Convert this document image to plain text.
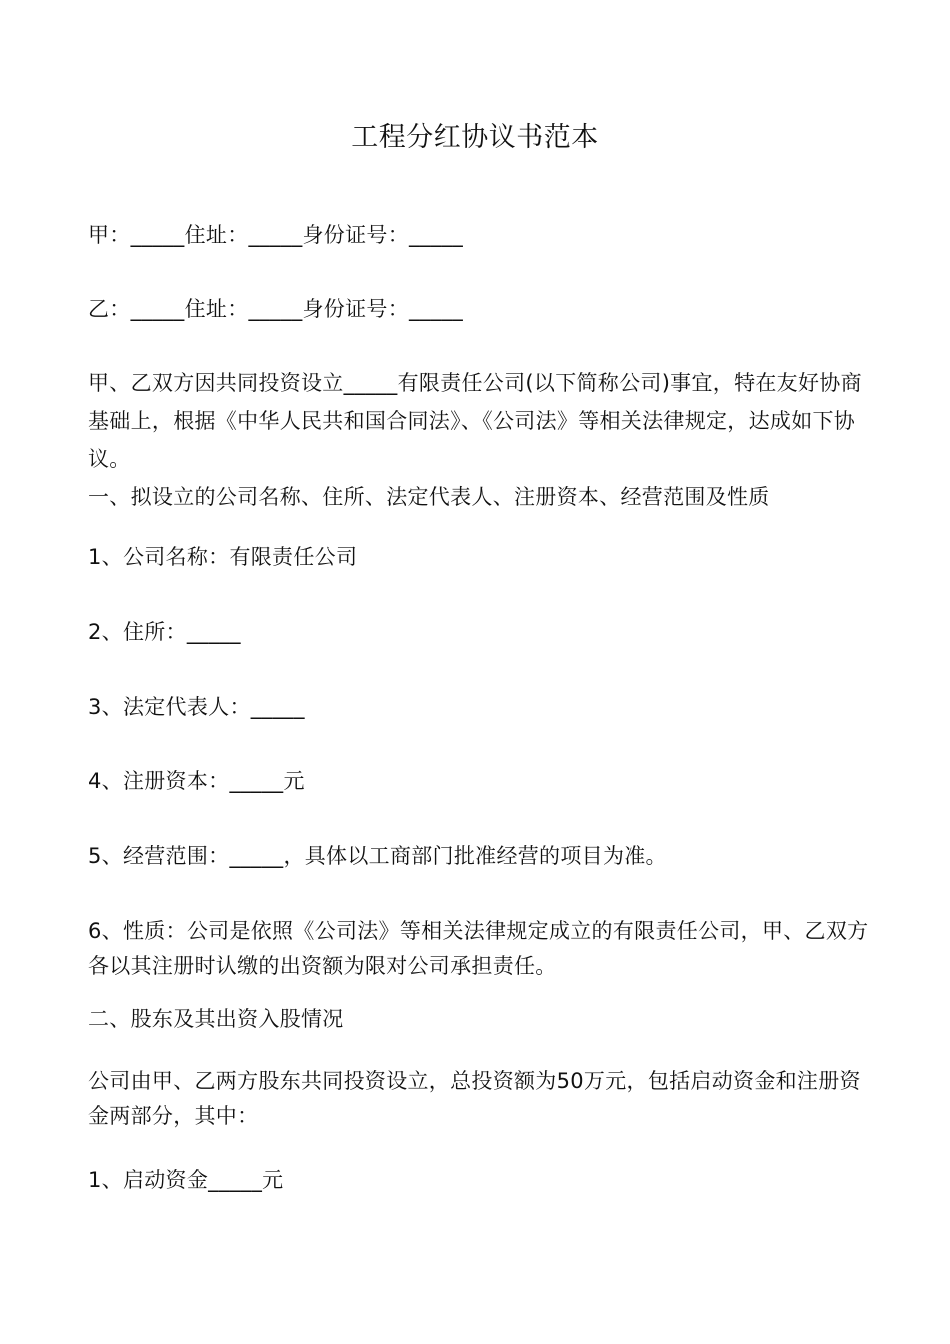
工程分红协议书范本

甲：_____住址：_____身份证号：_____

乙：_____住址：_____身份证号：_____

甲、乙双方因共同投资设立_____有限责任公司(以下简称公司)事宜，特在友好协商基础上，根据《中华人民共和国合同法》、《公司法》等相关法律规定，达成如下协议。

一、拟设立的公司名称、住所、法定代表人、注册资本、经营范围及性质

1、公司名称：有限责任公司

2、住所：_____

3、法定代表人：_____

4、注册资本：_____元

5、经营范围：_____，具体以工商部门批准经营的项目为准。

6、性质：公司是依照《公司法》等相关法律规定成立的有限责任公司，甲、乙双方各以其注册时认缴的出资额为限对公司承担责任。

二、股东及其出资入股情况

公司由甲、乙两方股东共同投资设立，总投资额为50万元，包括启动资金和注册资金两部分，其中：

1、启动资金_____元
